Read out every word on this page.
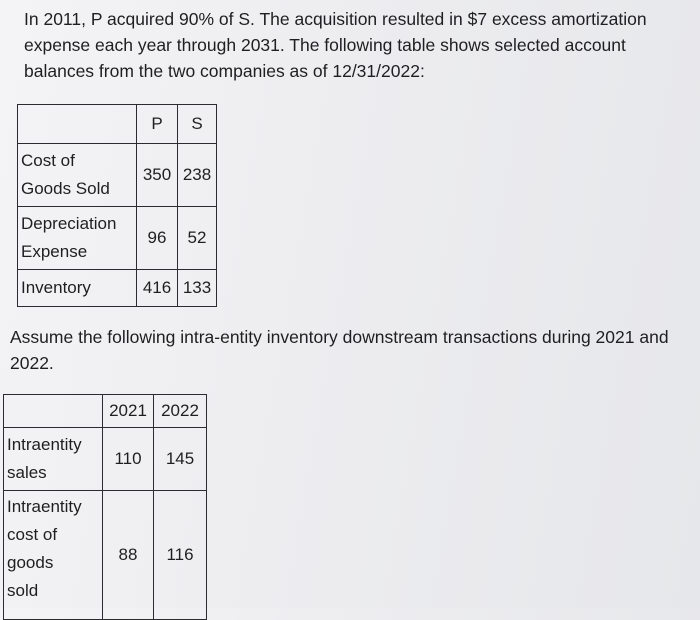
In 2011, P acquired 90% of S. The acquisition resulted in $7 excess amortization expense each year through 2031. The following table shows selected account balances from the two companies as of 12/31/2022:

	P	S

Cost of
Goods Sold	350	238

Depreciation
Expense	96	52

Inventory	416	133

Assume the following intra-entity inventory downstream transactions during 2021 and 2022.

	2021	2022

Intraentity
sales	110	145

Intraentity
cost of
goods
sold	88	116
